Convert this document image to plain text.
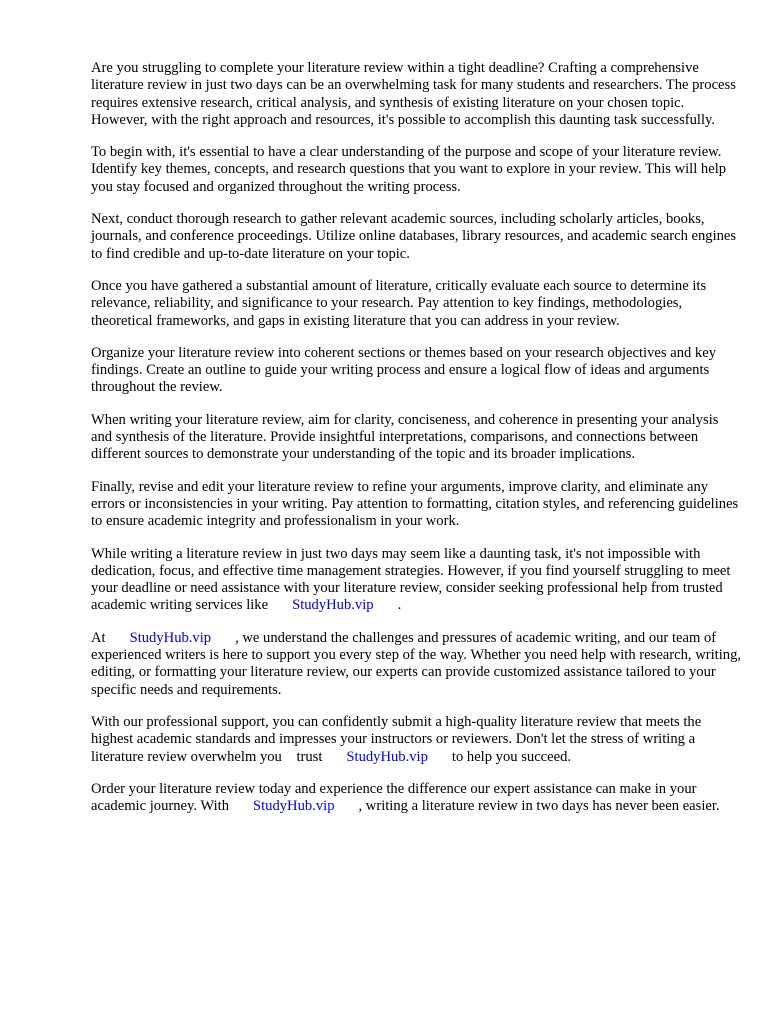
Are you struggling to complete your literature review within a tight deadline? Crafting a comprehensive literature review in just two days can be an overwhelming task for many students and researchers. The process requires extensive research, critical analysis, and synthesis of existing literature on your chosen topic. However, with the right approach and resources, it's possible to accomplish this daunting task successfully.

To begin with, it's essential to have a clear understanding of the purpose and scope of your literature review. Identify key themes, concepts, and research questions that you want to explore in your review. This will help you stay focused and organized throughout the writing process.

Next, conduct thorough research to gather relevant academic sources, including scholarly articles, books, journals, and conference proceedings. Utilize online databases, library resources, and academic search engines to find credible and up-to-date literature on your topic.

Once you have gathered a substantial amount of literature, critically evaluate each source to determine its relevance, reliability, and significance to your research. Pay attention to key findings, methodologies, theoretical frameworks, and gaps in existing literature that you can address in your review.

Organize your literature review into coherent sections or themes based on your research objectives and key findings. Create an outline to guide your writing process and ensure a logical flow of ideas and arguments throughout the review.

When writing your literature review, aim for clarity, conciseness, and coherence in presenting your analysis and synthesis of the literature. Provide insightful interpretations, comparisons, and connections between different sources to demonstrate your understanding of the topic and its broader implications.

Finally, revise and edit your literature review to refine your arguments, improve clarity, and eliminate any errors or inconsistencies in your writing. Pay attention to formatting, citation styles, and referencing guidelines to ensure academic integrity and professionalism in your work.

While writing a literature review in just two days may seem like a daunting task, it's not impossible with dedication, focus, and effective time management strategies. However, if you find yourself struggling to meet your deadline or need assistance with your literature review, consider seeking professional help from trusted academic writing services like StudyHub.vip .

At StudyHub.vip , we understand the challenges and pressures of academic writing, and our team of experienced writers is here to support you every step of the way. Whether you need help with research, writing, editing, or formatting your literature review, our experts can provide customized assistance tailored to your specific needs and requirements.

With our professional support, you can confidently submit a high-quality literature review that meets the highest academic standards and impresses your instructors or reviewers. Don't let the stress of writing a literature review overwhelm you    trust StudyHub.vip to help you succeed.

Order your literature review today and experience the difference our expert assistance can make in your academic journey. With StudyHub.vip , writing a literature review in two days has never been easier.
